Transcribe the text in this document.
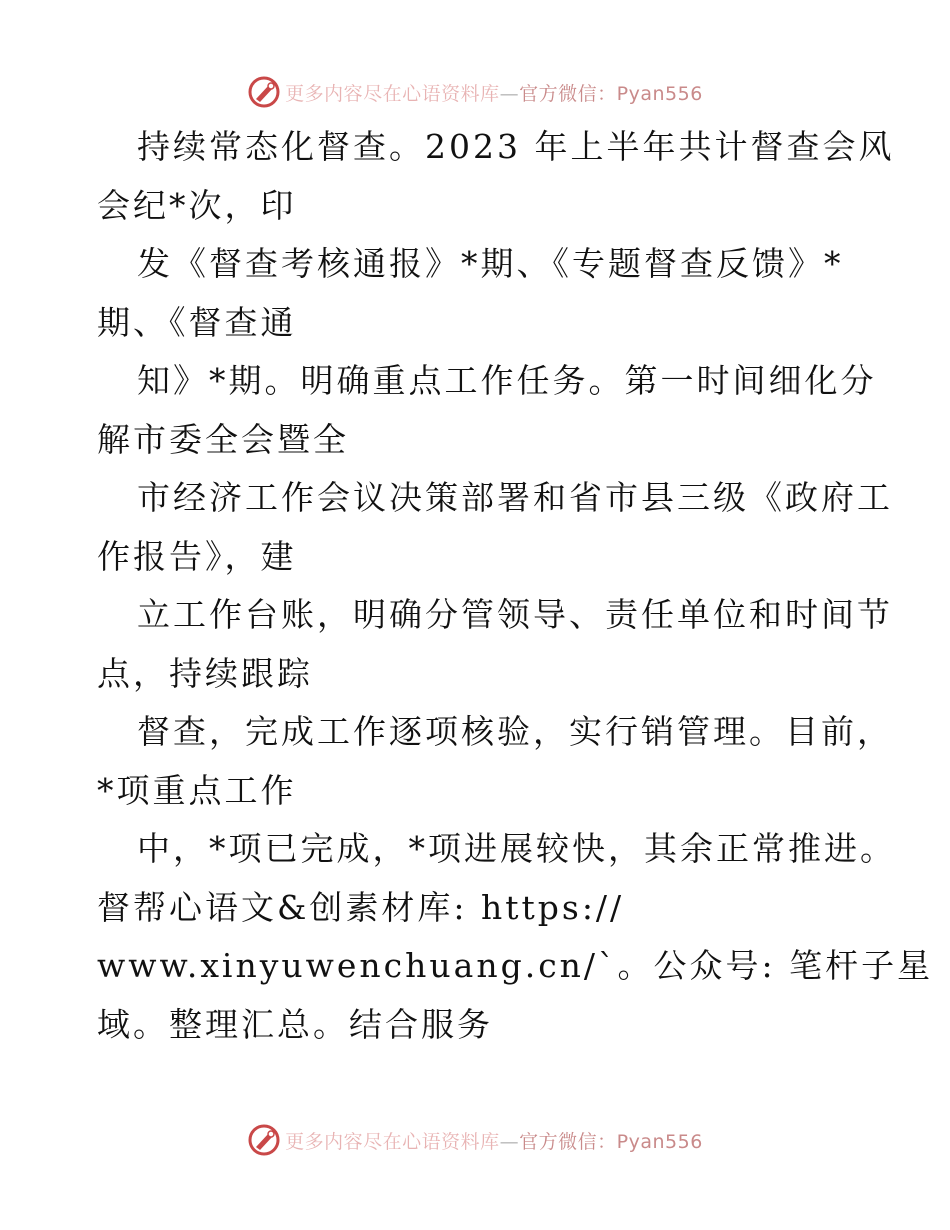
更多内容尽在心语资料库—官方微信：Pyan556
持续常态化督查。2023 年上半年共计督查会风
会纪*次，印
发《督查考核通报》*期、《专题督查反馈》*
期、《督查通
知》*期。明确重点工作任务。第一时间细化分
解市委全会暨全
市经济工作会议决策部署和省市县三级《政府工
作报告》，建
立工作台账，明确分管领导、责任单位和时间节
点，持续跟踪
督查，完成工作逐项核验，实行销管理。目前，
*项重点工作
中，*项已完成，*项进展较快，其余正常推进。
督帮心语文&创素材库: https://
www.xinyuwenchuang.cn/`。公众号: 笔杆子星
域。整理汇总。结合服务
更多内容尽在心语资料库—官方微信：Pyan556
